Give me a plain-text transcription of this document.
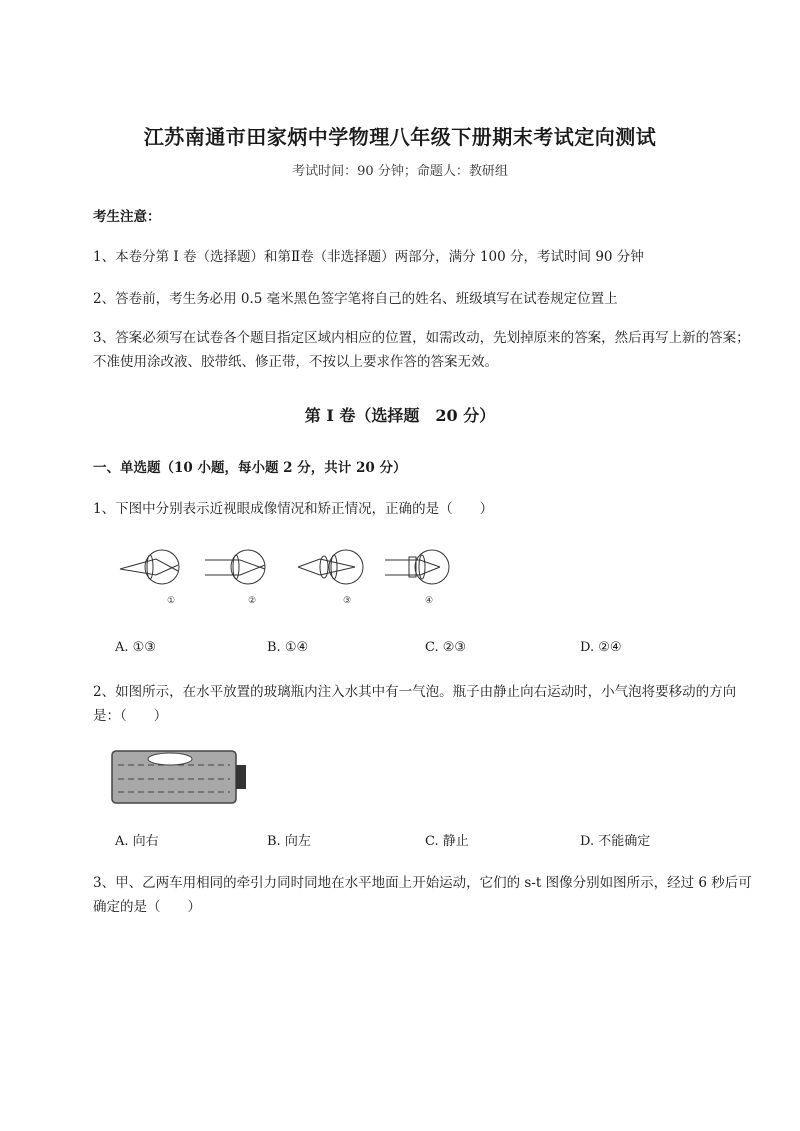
江苏南通市田家炳中学物理八年级下册期末考试定向测试
考试时间：90 分钟；命题人：教研组
考生注意：
1、本卷分第 I 卷（选择题）和第Ⅱ卷（非选择题）两部分，满分 100 分，考试时间 90 分钟
2、答卷前，考生务必用 0.5 毫米黑色签字笔将自己的姓名、班级填写在试卷规定位置上
3、答案必须写在试卷各个题目指定区域内相应的位置，如需改动，先划掉原来的答案，然后再写上新的答案；不准使用涂改液、胶带纸、修正带，不按以上要求作答的答案无效。
第 I 卷（选择题　20 分）
一、单选题（10 小题，每小题 2 分，共计 20 分）
1、下图中分别表示近视眼成像情况和矫正情况，正确的是（　　）
①	②	③	④
A. ①③	B. ①④	C. ②③	D. ②④
2、如图所示，在水平放置的玻璃瓶内注入水其中有一气泡。瓶子由静止向右运动时，小气泡将要移动的方向是：（　　）
A. 向右	B. 向左	C. 静止	D. 不能确定
3、甲、乙两车用相同的牵引力同时同地在水平地面上开始运动，它们的 s-t 图像分别如图所示，经过 6 秒后可确定的是（　　）
